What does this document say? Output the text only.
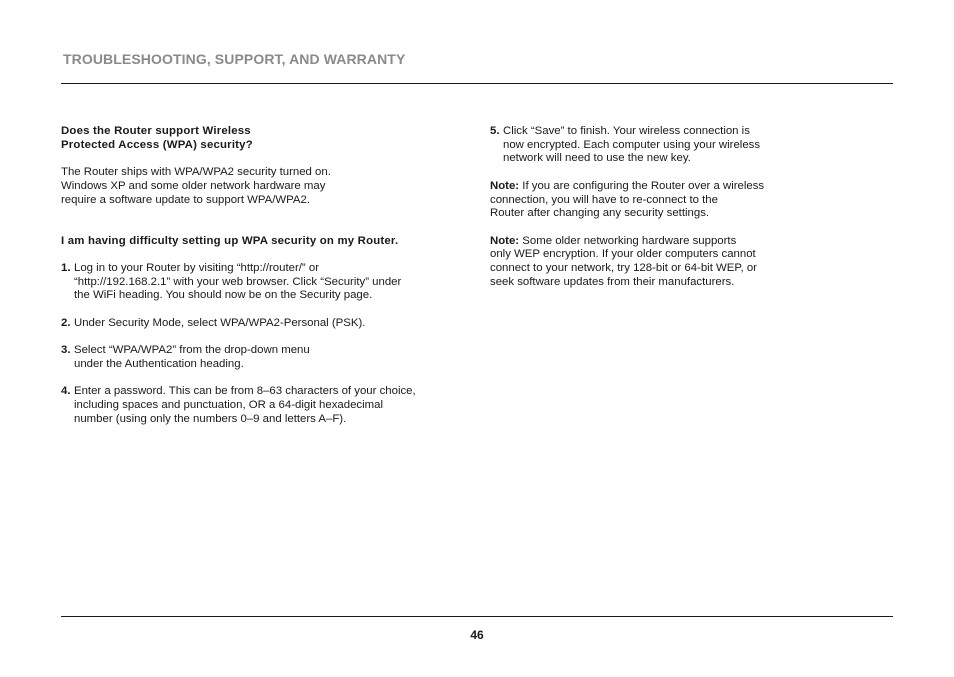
TROUBLESHOOTING, SUPPORT, AND WARRANTY
Does the Router support Wireless
Protected Access (WPA) security?
The Router ships with WPA/WPA2 security turned on.
Windows XP and some older network hardware may
require a software update to support WPA/WPA2.
I am having difficulty setting up WPA security on my Router.
1. Log in to your Router by visiting “http://router/” or
“http://192.168.2.1” with your web browser. Click “Security” under
the WiFi heading. You should now be on the Security page.
2. Under Security Mode, select WPA/WPA2-Personal (PSK).
3. Select “WPA/WPA2” from the drop-down menu
under the Authentication heading.
4. Enter a password. This can be from 8–63 characters of your choice,
including spaces and punctuation, OR a 64-digit hexadecimal
number (using only the numbers 0–9 and letters A–F).
5. Click “Save” to finish. Your wireless connection is
now encrypted. Each computer using your wireless
network will need to use the new key.
Note: If you are configuring the Router over a wireless
connection, you will have to re-connect to the
Router after changing any security settings.
Note: Some older networking hardware supports
only WEP encryption. If your older computers cannot
connect to your network, try 128-bit or 64-bit WEP, or
seek software updates from their manufacturers.
46
